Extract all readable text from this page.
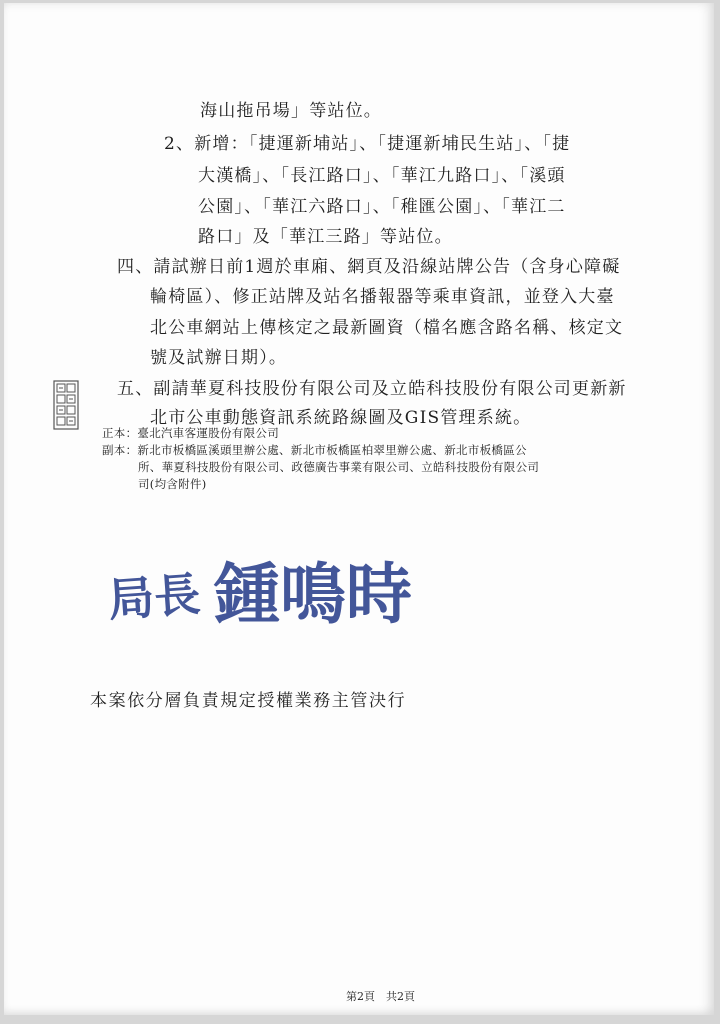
海山拖吊場」等站位。

2、新增：「捷運新埔站」、「捷運新埔民生站」、「捷

大漢橋」、「長江路口」、「華江九路口」、「溪頭

公園」、「華江六路口」、「稚匯公園」、「華江二

路口」及「華江三路」等站位。

四、請試辦日前1週於車廂、網頁及沿線站牌公告（含身心障礙

輪椅區）、修正站牌及站名播報器等乘車資訊，並登入大臺

北公車網站上傳核定之最新圖資（檔名應含路名稱、核定文

號及試辦日期）。

五、副請華夏科技股份有限公司及立皓科技股份有限公司更新新

北市公車動態資訊系統路線圖及GIS管理系統。

正本：臺北汽車客運股份有限公司

副本：新北市板橋區溪頭里辦公處、新北市板橋區柏翠里辦公處、新北市板橋區公

所、華夏科技股份有限公司、政德廣告事業有限公司、立皓科技股份有限公司

司(均含附件)

局長 鍾鳴時

本案依分層負責規定授權業務主管決行

第2頁　共2頁
